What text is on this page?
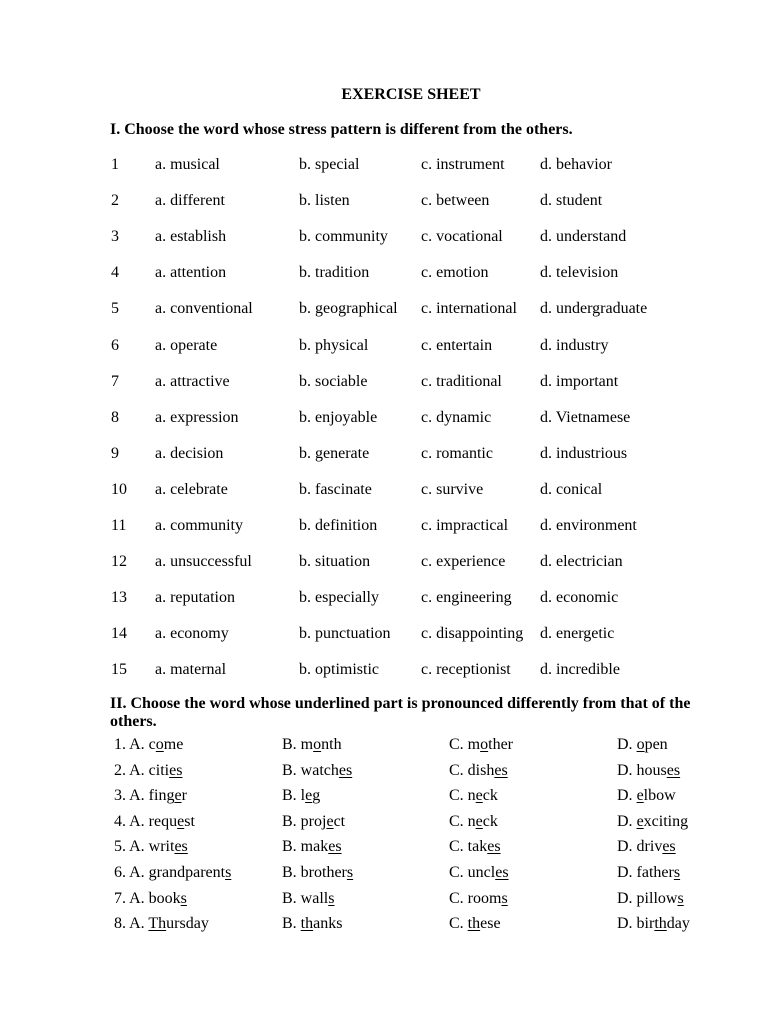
EXERCISE SHEET
I. Choose the word whose stress pattern is different from the others.
1 a. musical	b. special	c. instrument d. behavior
2 a. different	b. listen	c. between	d. student
3 a. establish	b. community c. vocational d. understand
4 a. attention	b. tradition	c. emotion	d. television
5 a. conventional	b. geographical c. international d. undergraduate
6 a. operate	b. physical	c. entertain	d. industry
7 a. attractive	b. sociable	c. traditional d. important
8 a. expression	b. enjoyable	c. dynamic	d. Vietnamese
9 a. decision	b. generate	c. romantic	d. industrious
10 a. celebrate	b. fascinate	c. survive	d. conical
11 a. community	b. definition	c. impractical d. environment
12 a. unsuccessful	b. situation	c. experience d. electrician
13 a. reputation	b. especially	c. engineering d. economic
14 a. economy	b. punctuation c. disappointing d. energetic
15 a. maternal	b. optimistic	c. receptionist d. incredible
II. Choose the word whose underlined part is pronounced differently from that of the others.
1. A. come	B. month	C. mother	D. open
2. A. cities	B. watches	C. dishes	D. houses
3. A. finger	B. leg	C. neck	D. elbow
4. A. request	B. project	C. neck	D. exciting
5. A. writes	B. makes	C. takes	D. drives
6. A. grandparents	B. brothers	C. uncles	D. fathers
7. A. books	B. walls	C. rooms	D. pillows
8. A. Thursday	B. thanks	C. these	D. birthday
